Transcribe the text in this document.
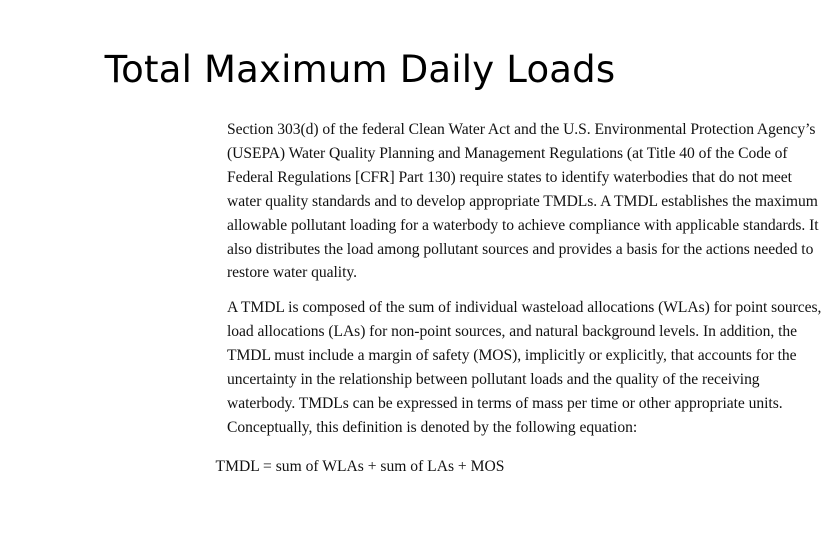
Total Maximum Daily Loads

Section 303(d) of the federal Clean Water Act and the U.S. Environmental Protection Agency’s
(USEPA) Water Quality Planning and Management Regulations (at Title 40 of the Code of
Federal Regulations [CFR] Part 130) require states to identify waterbodies that do not meet
water quality standards and to develop appropriate TMDLs. A TMDL establishes the maximum
allowable pollutant loading for a waterbody to achieve compliance with applicable standards. It
also distributes the load among pollutant sources and provides a basis for the actions needed to
restore water quality.

A TMDL is composed of the sum of individual wasteload allocations (WLAs) for point sources,
load allocations (LAs) for non-point sources, and natural background levels. In addition, the
TMDL must include a margin of safety (MOS), implicitly or explicitly, that accounts for the
uncertainty in the relationship between pollutant loads and the quality of the receiving
waterbody. TMDLs can be expressed in terms of mass per time or other appropriate units.
Conceptually, this definition is denoted by the following equation:

TMDL = sum of WLAs + sum of LAs + MOS
